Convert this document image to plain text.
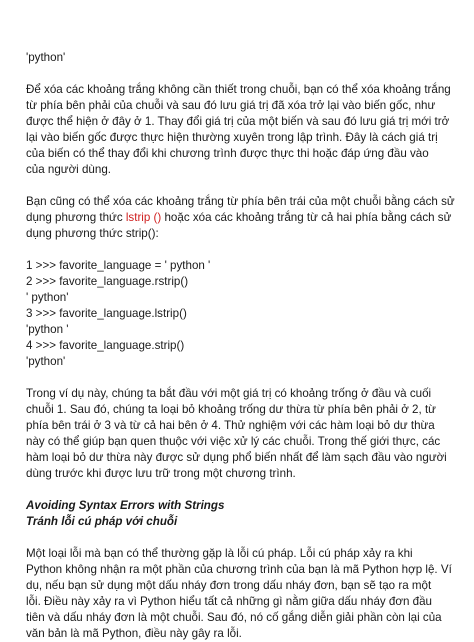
'python'
Để xóa các khoảng trắng không cần thiết trong chuỗi, bạn có thể xóa khoảng trắng
từ phía bên phải của chuỗi và sau đó lưu giá trị đã xóa trở lại vào biến gốc, như
được thể hiện ở đây ở 1. Thay đổi giá trị của một biến và sau đó lưu giá trị mới trở
lại vào biến gốc được thực hiện thường xuyên trong lập trình. Đây là cách giá trị
của biến có thể thay đổi khi chương trình được thực thi hoặc đáp ứng đầu vào
của người dùng.
Bạn cũng có thể xóa các khoảng trắng từ phía bên trái của một chuỗi bằng cách sử
dụng phương thức lstrip () hoặc xóa các khoảng trắng từ cả hai phía bằng cách sử
dụng phương thức strip():
1 >>> favorite_language = ' python '
2 >>> favorite_language.rstrip()
' python'
3 >>> favorite_language.lstrip()
'python '
4 >>> favorite_language.strip()
'python'
Trong ví dụ này, chúng ta bắt đầu với một giá trị có khoảng trống ở đầu và cuối
chuỗi 1. Sau đó, chúng ta loại bỏ khoảng trống dư thừa từ phía bên phải ở 2, từ
phía bên trái ở 3 và từ cả hai bên ở 4. Thử nghiệm với các hàm loại bỏ dư thừa
này có thể giúp bạn quen thuộc với việc xử lý các chuỗi. Trong thế giới thực, các
hàm loại bỏ dư thừa này được sử dụng phổ biến nhất để làm sạch đầu vào người
dùng trước khi được lưu trữ trong một chương trình.
Avoiding Syntax Errors with Strings
Tránh lỗi cú pháp với chuỗi
Một loại lỗi mà bạn có thể thường gặp là lỗi cú pháp. Lỗi cú pháp xảy ra khi
Python không nhận ra một phần của chương trình của bạn là mã Python hợp lệ. Ví
dụ, nếu bạn sử dụng một dấu nháy đơn trong dấu nháy đơn, bạn sẽ tạo ra một
lỗi. Điều này xảy ra vì Python hiểu tất cả những gì nằm giữa dấu nháy đơn đầu
tiên và dấu nháy đơn là một chuỗi. Sau đó, nó cố gắng diễn giải phần còn lại của
văn bản là mã Python, điều này gây ra lỗi.
